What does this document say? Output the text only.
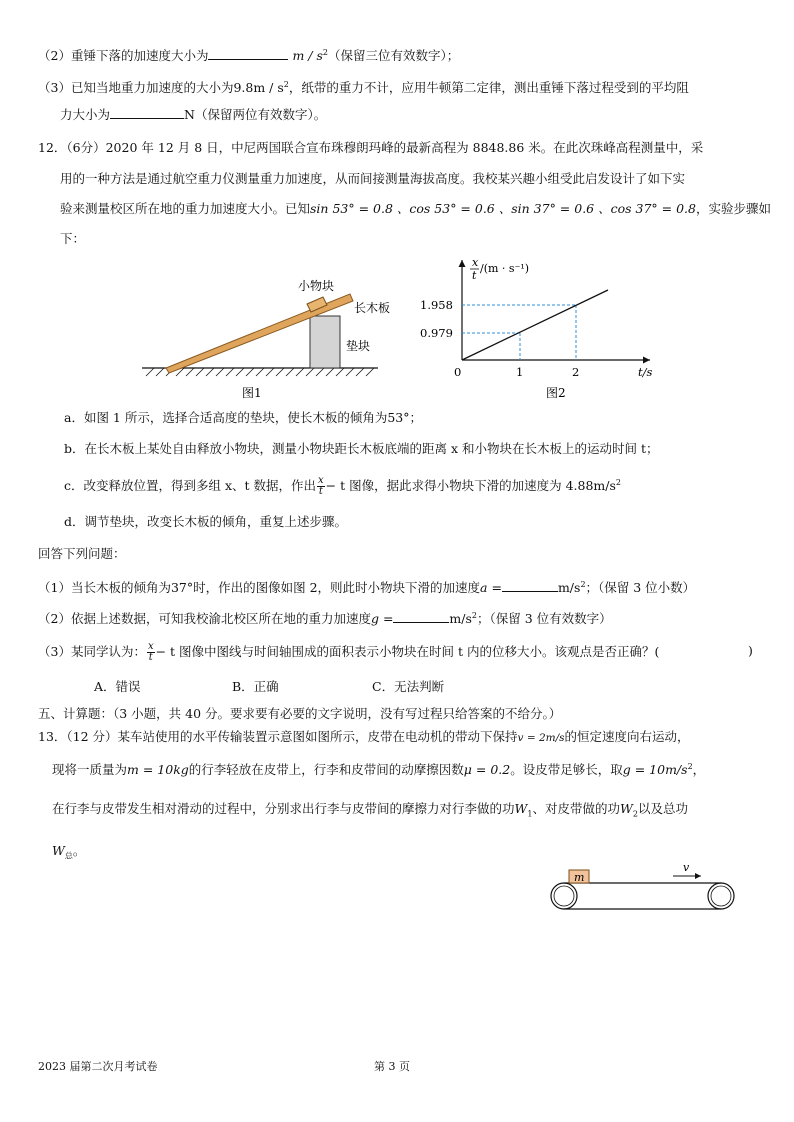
（2）重锤下落的加速度大小为	m / $s^2$（保留三位有效数字）；
（3）已知当地重力加速度的大小为$9.8m / s^2$，纸带的重力不计，应用牛顿第二定律，测出重锤下落过程受到的平均阻
力大小为	N（保留两位有效数字）。
12．（6分）2020 年 12 月 8 日，中尼两国联合宣布珠穆朗玛峰的最新高程为 8848.86 米。在此次珠峰高程测量中，采
用的一种方法是通过航空重力仪测量重力加速度，从而间接测量海拔高度。我校某兴趣小组受此启发设计了如下实
验来测量校区所在地的重力加速度大小。已知sin 53° = 0.8 、cos 53° = 0.6 、sin 37° = 0.6 、cos 37° = 0.8，实验步骤如
下：
小物块
长木板
垫块
图1
x
t
/(m · s⁻¹)
1.958
0.979
0	1	2	t/s
图2
a．如图 1 所示，选择合适高度的垫块，使长木板的倾角为53°；
b．在长木板上某处自由释放小物块，测量小物块距长木板底端的距离 x 和小物块在长木板上的运动时间 t；
c．改变释放位置，得到多组 x、t 数据，作出 $\frac{x}{t} - t$ 图像，据此求得小物块下滑的加速度为 $4.88m/s^2$
d．调节垫块，改变长木板的倾角，重复上述步骤。
回答下列问题：
（1）当长木板的倾角为37°时，作出的图像如图 2，则此时小物块下滑的加速度a =	$m/s^2$；（保留 3 位小数）
（2）依据上述数据，可知我校渝北校区所在地的重力加速度g =	$m/s^2$；（保留 3 位有效数字）
（3）某同学认为： $\frac{x}{t} - t$ 图像中图线与时间轴围成的面积表示小物块在时间 t 内的位移大小。该观点是否正确？(	)
A．错误	B．正确	C．无法判断
五、计算题：（3 小题，共 40 分。要求要有必要的文字说明，没有写过程只给答案的不给分。）
13．（12 分）某车站使用的水平传输装置示意图如图所示，皮带在电动机的带动下保持v = 2m/s的恒定速度向右运动，
现将一质量为m = 10kg的行李轻放在皮带上，行李和皮带间的动摩擦因数μ = 0.2。设皮带足够长，取$g = 10m/s^2$，
在行李与皮带发生相对滑动的过程中，分别求出行李与皮带间的摩擦力对行李做的功$W_1$、对皮带做的功$W_2$以及总功
$W_总$。
m
v
2023 届第二次月考试卷	第 3 页
